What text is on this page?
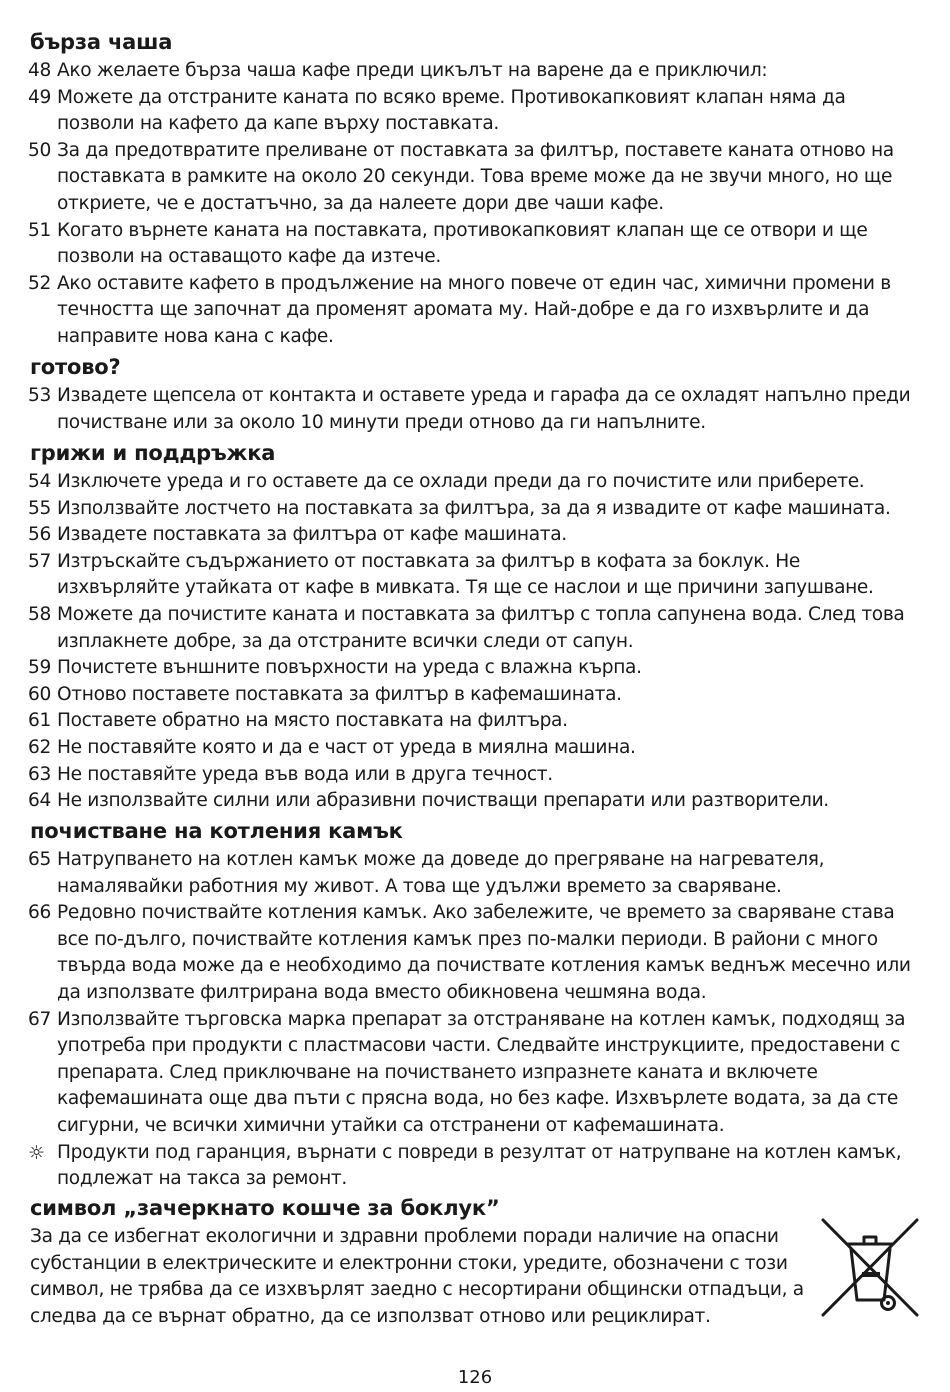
бърза чаша
48 Ако желаете бърза чаша кафе преди цикълът на варене да е приключил:
49 Можете да отстраните каната по всяко време. Противокапковият клапан няма да позволи на кафето да капе върху поставката.
50 За да предотвратите преливане от поставката за филтър, поставете каната отново на поставката в рамките на около 20 секунди. Това време може да не звучи много, но ще откриете, че е достатъчно, за да налеете дори две чаши кафе.
51 Когато върнете каната на поставката, противокапковият клапан ще се отвори и ще позволи на оставащото кафе да изтече.
52 Ако оставите кафето в продължение на много повече от един час, химични промени в течността ще започнат да променят аромата му. Най-добре е да го изхвърлите и да направите нова кана с кафе.
готово?
53 Извадете щепсела от контакта и оставете уреда и гарафа да се охладят напълно преди почистване или за около 10 минути преди отново да ги напълните.
грижи и поддръжка
54 Изключете уреда и го оставете да се охлади преди да го почистите или приберете.
55 Използвайте лостчето на поставката за филтъра, за да я извадите от кафе машината.
56 Извадете поставката за филтъра от кафе машината.
57 Изтръскайте съдържанието от поставката за филтър в кофата за боклук. Не изхвърляйте утайката от кафе в мивката. Тя ще се наслои и ще причини запушване.
58 Можете да почистите каната и поставката за филтър с топла сапунена вода. След това изплакнете добре, за да отстраните всички следи от сапун.
59 Почистете външните повърхности на уреда с влажна кърпа.
60 Отново поставете поставката за филтър в кафемашината.
61 Поставете обратно на място поставката на филтъра.
62 Не поставяйте която и да е част от уреда в миялна машина.
63 Не поставяйте уреда във вода или в друга течност.
64 Не използвайте силни или абразивни почистващи препарати или разтворители.
почистване на котления камък
65 Натрупването на котлен камък може да доведе до прегряване на нагревателя, намалявайки работния му живот. А това ще удължи времето за сваряване.
66 Редовно почиствайте котления камък. Ако забележите, че времето за сваряване става все по-дълго, почиствайте котления камък през по-малки периоди. В райони с много твърда вода може да е необходимо да почиствате котления камък веднъж месечно или да използвате филтрирана вода вместо обикновена чешмяна вода.
67 Използвайте търговска марка препарат за отстраняване на котлен камък, подходящ за употреба при продукти с пластмасови части. Следвайте инструкциите, предоставени с препарата. След приключване на почистването изпразнете каната и включете кафемашината още два пъти с прясна вода, но без кафе. Изхвърлете водата, за да сте сигурни, че всички химични утайки са отстранени от кафемашината.
☼ Продукти под гаранция, върнати с повреди в резултат от натрупване на котлен камък, подлежат на такса за ремонт.
символ „зачеркнато кошче за боклук”

За да се избегнат екологични и здравни проблеми поради наличие на опасни субстанции в електрическите и електронни стоки, уредите, обозначени с този символ, не трябва да се изхвърлят заедно с несортирани общински отпадъци, а следва да се върнат обратно, да се използват отново или рециклират.

126
